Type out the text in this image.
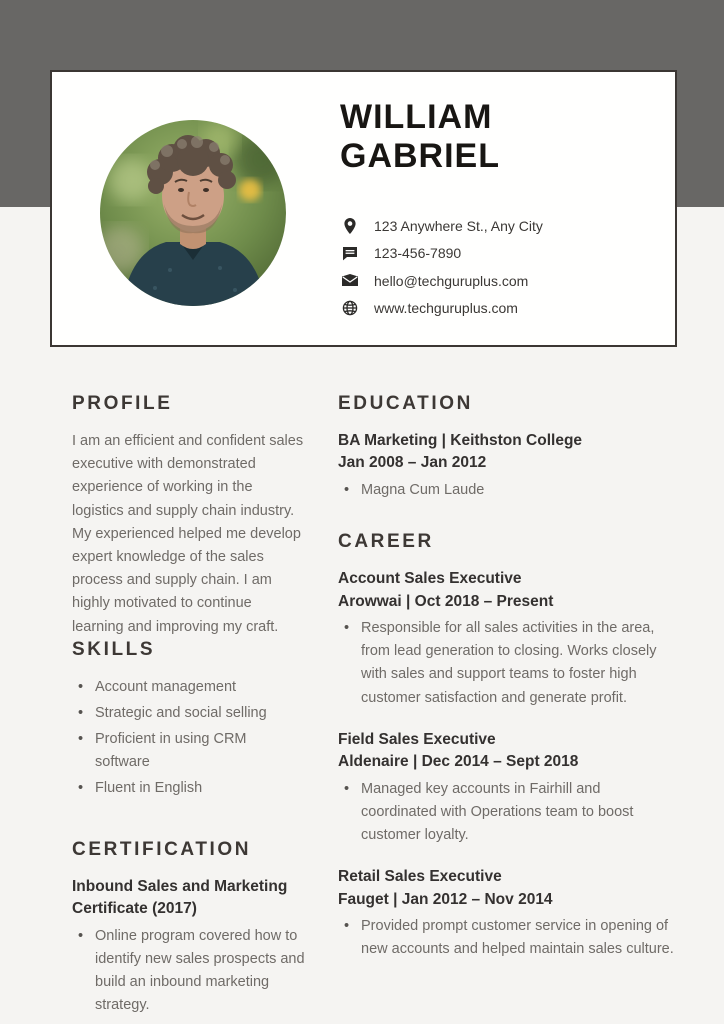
WILLIAM
GABRIEL
123 Anywhere St., Any City
123-456-7890
hello@techguruplus.com
www.techguruplus.com
PROFILE

I am an efficient and confident sales executive with demonstrated experience of working in the logistics and supply chain industry. My experienced helped me develop expert knowledge of the sales process and supply chain. I am highly motivated to continue learning and improving my craft.

SKILLS
• Account management
• Strategic and social selling
• Proficient in using CRM software
• Fluent in English
CERTIFICATION
Inbound Sales and Marketing Certificate (2017)
• Online program covered how to identify new sales prospects and build an inbound marketing strategy.
EDUCATION
BA Marketing | Keithston College
Jan 2008 – Jan 2012
• Magna Cum Laude
CAREER
Account Sales Executive
Arowwai | Oct 2018 – Present
• Responsible for all sales activities in the area, from lead generation to closing. Works closely with sales and support teams to foster high customer satisfaction and generate profit.
Field Sales Executive
Aldenaire | Dec 2014 – Sept 2018
• Managed key accounts in Fairhill and coordinated with Operations team to boost customer loyalty.
Retail Sales Executive
Fauget | Jan 2012 – Nov 2014
• Provided prompt customer service in opening of new accounts and helped maintain sales culture.
